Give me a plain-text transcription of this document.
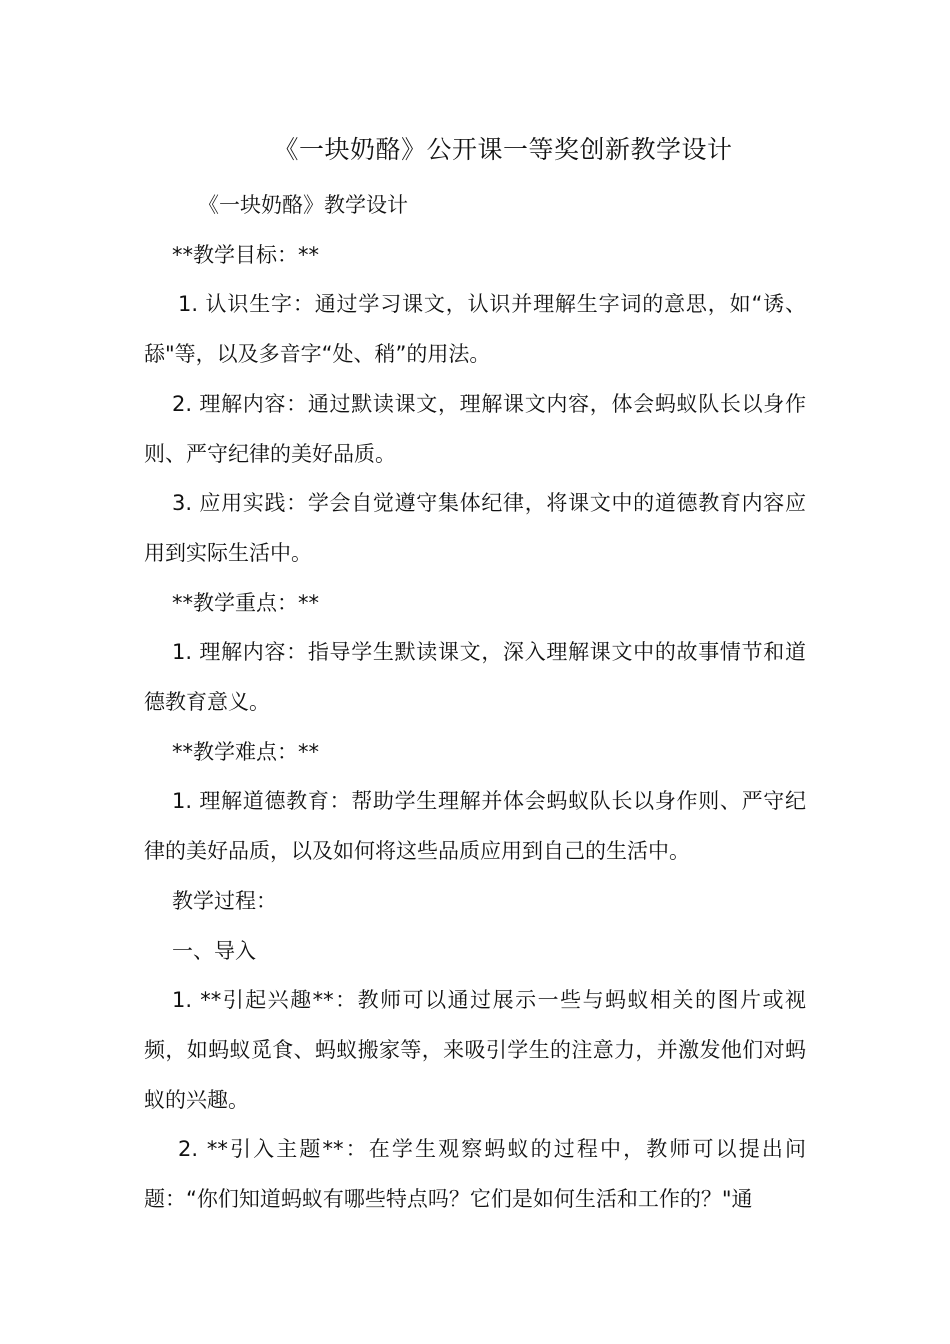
《一块奶酪》公开课一等奖创新教学设计

《一块奶酪》教学设计

**教学目标：**

1. 认识生字：通过学习课文，认识并理解生字词的意思，如“诱、舔"等，以及多音字“处、稍”的用法。

2. 理解内容：通过默读课文，理解课文内容，体会蚂蚁队长以身作则、严守纪律的美好品质。

3. 应用实践：学会自觉遵守集体纪律，将课文中的道德教育内容应用到实际生活中。

**教学重点：**

1. 理解内容：指导学生默读课文，深入理解课文中的故事情节和道德教育意义。

**教学难点：**

1. 理解道德教育：帮助学生理解并体会蚂蚁队长以身作则、严守纪律的美好品质，以及如何将这些品质应用到自己的生活中。

教学过程：

一、导入

1. **引起兴趣**：教师可以通过展示一些与蚂蚁相关的图片或视频，如蚂蚁觅食、蚂蚁搬家等，来吸引学生的注意力，并激发他们对蚂蚁的兴趣。

2. **引入主题**：在学生观察蚂蚁的过程中，教师可以提出问题：“你们知道蚂蚁有哪些特点吗？它们是如何生活和工作的？"通
